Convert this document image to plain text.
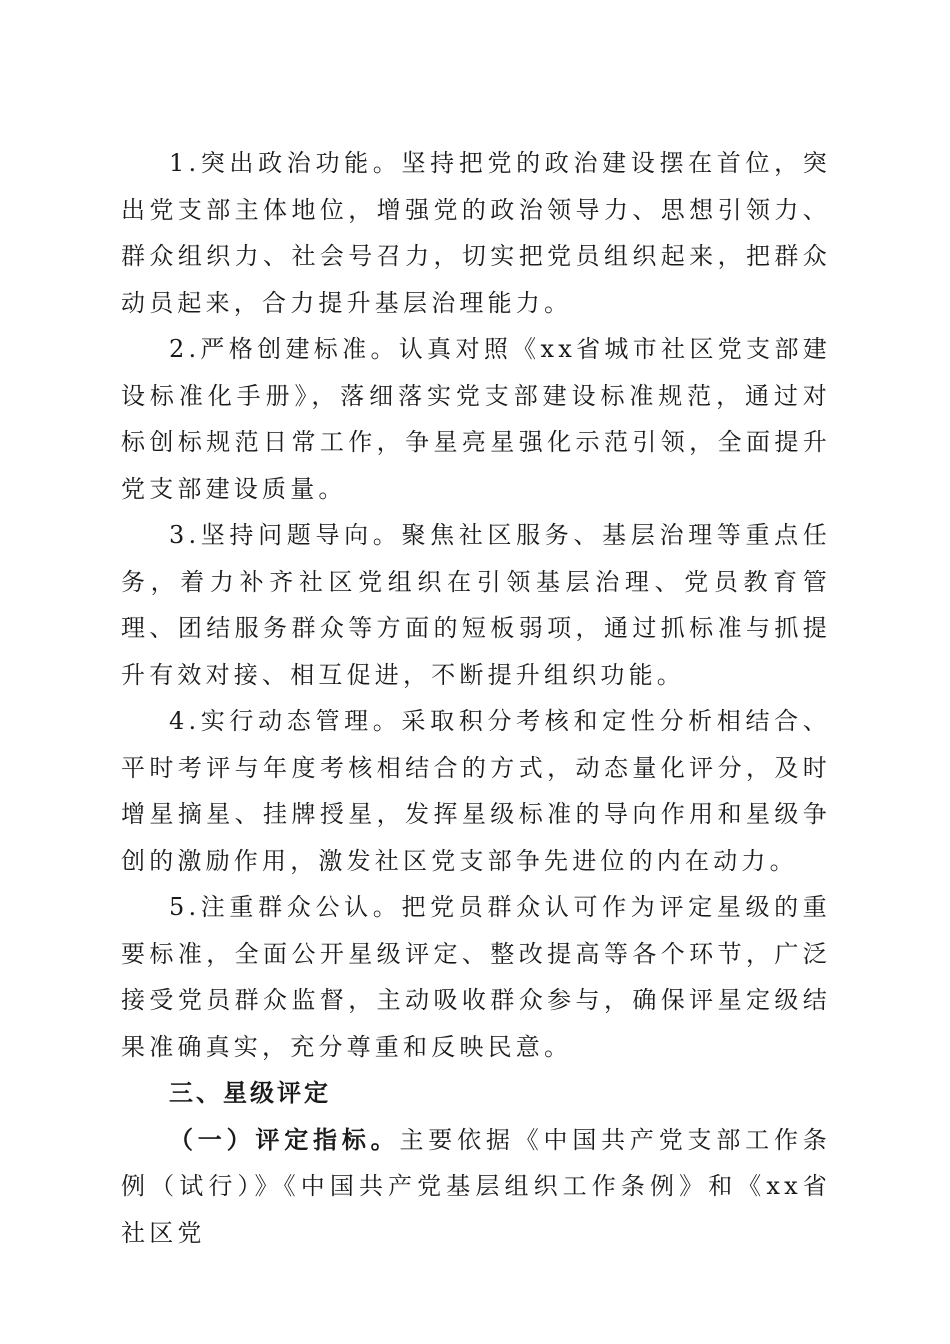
1.突出政治功能。坚持把党的政治建设摆在首位，突出党支部主体地位，增强党的政治领导力、思想引领力、群众组织力、社会号召力，切实把党员组织起来，把群众动员起来，合力提升基层治理能力。

2.严格创建标准。认真对照《xx省城市社区党支部建设标准化手册》，落细落实党支部建设标准规范，通过对标创标规范日常工作，争星亮星强化示范引领，全面提升党支部建设质量。

3.坚持问题导向。聚焦社区服务、基层治理等重点任务，着力补齐社区党组织在引领基层治理、党员教育管理、团结服务群众等方面的短板弱项，通过抓标准与抓提升有效对接、相互促进，不断提升组织功能。

4.实行动态管理。采取积分考核和定性分析相结合、平时考评与年度考核相结合的方式，动态量化评分，及时增星摘星、挂牌授星，发挥星级标准的导向作用和星级争创的激励作用，激发社区党支部争先进位的内在动力。

5.注重群众公认。把党员群众认可作为评定星级的重要标准，全面公开星级评定、整改提高等各个环节，广泛接受党员群众监督，主动吸收群众参与，确保评星定级结果准确真实，充分尊重和反映民意。

三、星级评定

（一）评定指标。主要依据《中国共产党支部工作条例（试行）》《中国共产党基层组织工作条例》和《xx省社区党
